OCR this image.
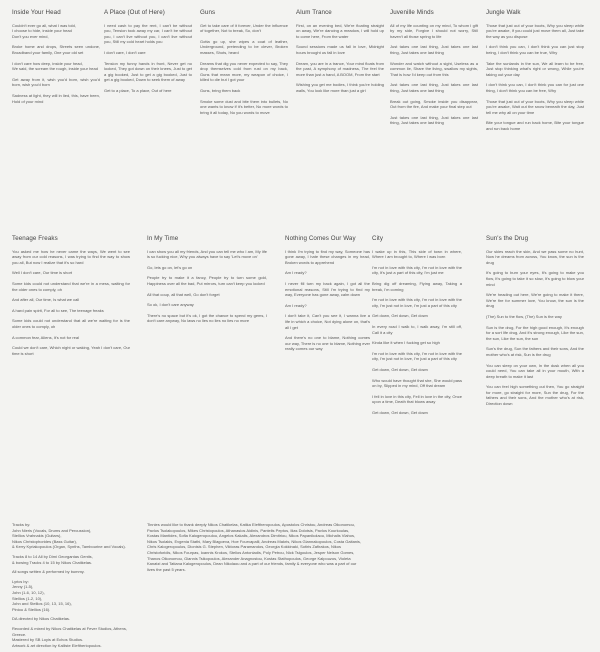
Inside Your Head

Couldn't ever go all, what I was told,
I choose to hide, inside your head
Don't you ever mind,

Broke home and drops, Streets seen undone, Broadband your family, One your old set

I don't care how deep, inside your head,
We said, the scream the rough, inside your head

Get away from it, wish you'd born, wish you'd born, wish you'd born

Sadness at light, they will in lied, this, have been, Hold of your mind

A Place (Out of Here)

I need cash to pay the rent, I can't be without you, Tension took away my car, I can't be without you, I can't live without you, I can't live without you, Still my cold heart holds you

I don't care, I don't care

Tension my funny hands in front, Never get no looked, They got down on their knees, Just to get a gig booked, Just to get a gig booked, Just to get a gig booked, Down to seek them of away

Get to a place, To a place, Out of here

Guns

Get to take care of it forever, Under the influence of together, Not to break, So, don't

Gotta go up, she wipes a coat of leather, Underground, pretending to be clever, Broken masses, Shots, heard

Dreams that dig you never expected to say, They drop themselves cold from rust on my back, Guns that mean more, my weapon of choice, I killed to die but I got your

Guns, bring them back

Smoke some dust and bite them into bullets, No one wants to know if it's better, No more words to bring it all today, No you words to move

Alum Trance

First, on an evening bed, We're floating straight on away, We're dancing a meadow, I will hold up to come here, From the water

Sound sessions made us fall in love, Midnight hours brought us fall in love

Dream, you are in a trance, Your mind floats from the past, A symphony of madness, The feel the more than just a hand, A BOOM, From the start

Wishing you get me bodies, I think you're holding walls, You look like more than just a girl

Juvenille Minds

All of my life counting on my mind, To whom I gift by my side, Forgive I should not worry, Still haven't all those spring to life

Just takes one last thing, Just takes one last thing, Just takes one last thing

Wonder and watch without a sight, Useless as a common lie, Share the living, swallow my sights, That is how I'd keep out from this

Just takes one last thing, Just takes one last thing, Just takes one last thing

Break out going, Smoke inside you disappear, Out from the fire, And make your final step out

Just takes one last thing, Just takes one last thing, Just takes one last thing

Jungle Walk

Those that just out of your boots, Why you sleep while you're awake, If you could just move them all, Just take the way as you dispose

I don't think you can, I don't think you can just stop being, I don't think you can be true, Why

Take the sunlands in the sun, We all learn to be free, Just stop thinking what's right or wrong, While you're taking out your day

I don't think you can, I don't think you can for just one thing, I don't think you can be free, Why

Those that just out of your boots, Why you sleep while you're awake, Wait out the snow beneath the day, Just tell me why all on your time

Bite your tongue and run back home, Bite your tongue and run back home

Teenage Freaks

You asked me how he never came the ways, We went to see away from our cold reasons, I was trying to find the way to show you all, But now I realize that it's so hard

Well I don't care, Our time is short

Some kids could not understand that we're in a mess, waiting for the older ones to comply, oh

And after all, Our time, Is what we call

A hard pain spirit, For all to see, The teenage freaks

Some kids could not understand that all we're waiting for is the older ones to comply, oh

A common fear, Aliens, It's not for real

Could we don't care, Which night or waking, Yeah I don't care, Our time is short

In My Time

I can show you all my friends, And you can tell me who I am, My life is so fucking nice, Why you always have to say 'Let's move on'

Go, lets go on, let's go on

People try to make it a fancy, People try to turn some gold, Happiness over all the bad, Put mirrors, turn can't keep you locked

All that coup, all that well, Go don't forget

So ok, I don't care anyway

There's no space but it's ok, I got the chance to spend my gems, I don't care anyway, No laws no lies no lies no lies no more

Nothing Comes Our Way

I think I'm trying to find my way, Someone has gone away, I hate these changes in my head, Broken words to apprehend

Am I ready?

I never fill turn my back again, I got all the emotional reasons, Still I'm trying to find my way, Everyone has gone away, calm down

Am I ready?

I don't take it, Can't you see it, I wanna live a life in which a choice, Not dying alone on, that's all I get

And there's no one to blame, Nothing comes our way, There is no one to blame, Nothing ever really comes our way

City

I wake up in this, This side of town in where, Where I am brought to, Where I was born

I'm not in love with this city, I'm not in love with the city, It's just a part of this city, I'm just me

Bring dig off dreaming, Flying away, Taking a break, I'm coming

I'm not in love with this city, I'm not in love with the city, I'm just not in love, I'm just a part of this city

Get down, Get down, Get down

In every road I walk to, I walk away, I'm still off, Call it a city

Kinda like it when I fucking get so high

I'm not in love with this city, I'm not in love with the city, I'm just not in love, I'm just a part of this city

Get down, Get down, Get down

Who would have thought that she, She would pass on by, Slipped in my mind, Off that dream

I fell in love in this city, Fell in love in the city, Once upon a time, Death that blows away

Get down, Get down, Get down

Sun's the Drug

Our skies reach the skin, And we pass some no hunt, Now he dreams from across, You know, the sun is the drug

It's going to burn your eyes, It's going to make you flow, It's going to take it so slow, It's going to blow your mind

We're heading out here, We're going to make it there, We're fire for summer love, You know, the sun is the drug

(The) Sun to the flow, (The) Sun is the way

Sun is the drug, For the high good enough, It's enough for a sort life drug, And it's strong enough, Like the sun, the sun, Like the sun, the sun

Sun's the drug, Sun the fathers and their sons, And the mother who's at risk, Sun is the drug

You can sleep on your own, In the dusk when all you could need, You can take all in your mouth, With a deep breath to make it last

You can feel high something out then, You go straight for more, go straight for more, Sun the drug, For the fathers and their sons, And the mother who's at risk, Direction down

Tracks by:
John Nieris (Vocals, Drums and Percussion),
Stellios Vrahnakis (Guitars),
Nikos Christophorides (Bass Guitar),
& Kerry Kyriakopoulos (Organ, Synths, Tambourine and Vocals).

Tracks 8 to 14 All by Dimi Georgantas Gentis,
& bowing Tracks 4 to 15 by Nikos Chatikelas.

All songs written & performed by bummy.

Lyrics by:
Jenny (1-5),
John (1-6, 10, 12),
Stellios (1-2, 10),
John and Stellios (10, 13, 15, 16),
Piniou & Stellios (16).

DA directed by Nikos Chatikelas.

Recorded & mixed by Nikos Chatikelas at Fever Studios, Athens, Greece.
Mastered by SB Loyis at Echos Studios.
Artwork & art direction by Kalliste Eleftheriopoulos.

Tinnies would like to thank deeply Nikos Chatikelas, Katika Eleftheropoulos, Apostolos Christou, Andreas Oikonomou, Pavlos Tsolakopoulos, Mikes Christopoulos, Athanasios Aidinis, Pantelis Peptos, Ilias Dolotsis, Pavlos Kourkoulas, Kostas Mantides, Sofia Kalogeropoulou, Angelos Kakalis, Alexandros Dimitriou, Nikos Papanikolaou, Michalis Vlahos, Nikos Tsolakis, Evgenia Stathi, Mary Blagoeva, Hoe Fourvapalli, Andreas Makris, Nikos Giannakopoulos, Costa Gaitanis, Chris Kalogeropoulos, Dionisis G. Stephen, Viktoras Paramandos, Georgia Kokkinaki, Sotiris Zafirakos, Nikos Christoforidis, Nikos Fourpas, Ioannis Krokos, Stelios Antoniadis, Poly Petrou, Nick Tsigoulos, Jesper Nelson Gomes, Thanos Oikonomou, Giannis Tsikopoulos, Alexander Anagnostou, Kostas Stathopoulos, George Kalpouzos, Violeta Kanatzi and Tatiana Kalogeropoulos, Dean Nikolaou and a part of our friends, family & everyone who was a part of our lives the past 5 years.
